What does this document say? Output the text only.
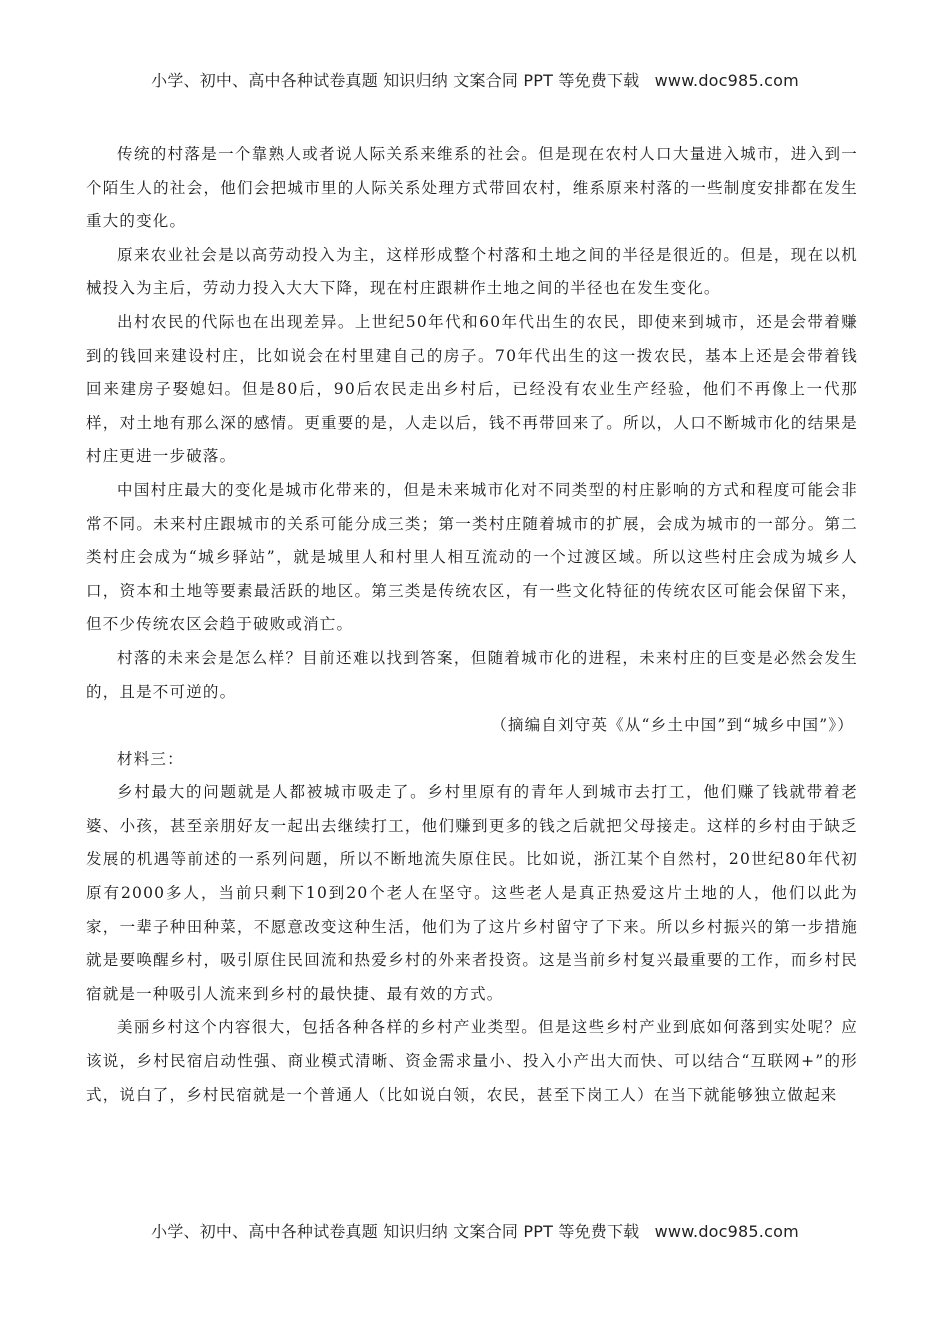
小学、初中、高中各种试卷真题 知识归纳 文案合同 PPT 等免费下载 www.doc985.com

传统的村落是一个靠熟人或者说人际关系来维系的社会。但是现在农村人口大量进入城市，进入到一个陌生人的社会，他们会把城市里的人际关系处理方式带回农村，维系原来村落的一些制度安排都在发生重大的变化。

原来农业社会是以高劳动投入为主，这样形成整个村落和土地之间的半径是很近的。但是，现在以机械投入为主后，劳动力投入大大下降，现在村庄跟耕作土地之间的半径也在发生变化。

出村农民的代际也在出现差异。上世纪50年代和60年代出生的农民，即使来到城市，还是会带着赚到的钱回来建设村庄，比如说会在村里建自己的房子。70年代出生的这一拨农民，基本上还是会带着钱回来建房子娶媳妇。但是80后，90后农民走出乡村后，已经没有农业生产经验，他们不再像上一代那样，对土地有那么深的感情。更重要的是，人走以后，钱不再带回来了。所以，人口不断城市化的结果是村庄更进一步破落。

中国村庄最大的变化是城市化带来的，但是未来城市化对不同类型的村庄影响的方式和程度可能会非常不同。未来村庄跟城市的关系可能分成三类；第一类村庄随着城市的扩展，会成为城市的一部分。第二类村庄会成为“城乡驿站”，就是城里人和村里人相互流动的一个过渡区域。所以这些村庄会成为城乡人口，资本和土地等要素最活跃的地区。第三类是传统农区，有一些文化特征的传统农区可能会保留下来，但不少传统农区会趋于破败或消亡。

村落的未来会是怎么样？目前还难以找到答案，但随着城市化的进程，未来村庄的巨变是必然会发生的，且是不可逆的。

（摘编自刘守英《从“乡土中国”到“城乡中国”》）

材料三：

乡村最大的问题就是人都被城市吸走了。乡村里原有的青年人到城市去打工，他们赚了钱就带着老婆、小孩，甚至亲朋好友一起出去继续打工，他们赚到更多的钱之后就把父母接走。这样的乡村由于缺乏发展的机遇等前述的一系列问题，所以不断地流失原住民。比如说，浙江某个自然村，20世纪80年代初原有2000多人，当前只剩下10到20个老人在坚守。这些老人是真正热爱这片土地的人，他们以此为家，一辈子种田种菜，不愿意改变这种生活，他们为了这片乡村留守了下来。所以乡村振兴的第一步措施就是要唤醒乡村，吸引原住民回流和热爱乡村的外来者投资。这是当前乡村复兴最重要的工作，而乡村民宿就是一种吸引人流来到乡村的最快捷、最有效的方式。

美丽乡村这个内容很大，包括各种各样的乡村产业类型。但是这些乡村产业到底如何落到实处呢？应该说，乡村民宿启动性强、商业模式清晰、资金需求量小、投入小产出大而快、可以结合“互联网+”的形式，说白了，乡村民宿就是一个普通人（比如说白领，农民，甚至下岗工人）在当下就能够独立做起来

小学、初中、高中各种试卷真题 知识归纳 文案合同 PPT 等免费下载 www.doc985.com
